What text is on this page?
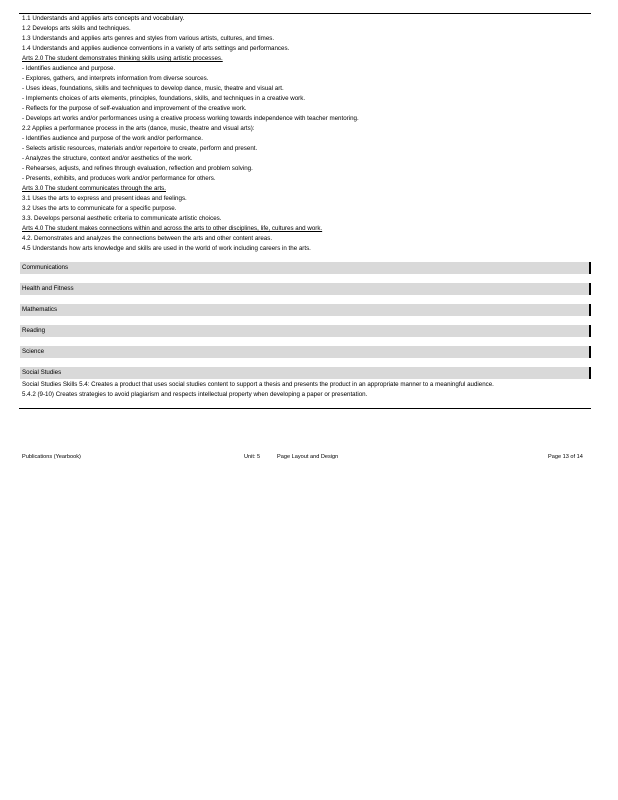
1.1 Understands and applies arts concepts and vocabulary.
1.2 Develops arts skills and techniques.
1.3 Understands and applies arts genres and styles from various artists, cultures, and times.
1.4 Understands and applies audience conventions in a variety of arts settings and performances.
Arts 2.0 The student demonstrates thinking skills using artistic processes.
- Identifies audience and purpose.
- Explores, gathers, and interprets information from diverse sources.
- Uses ideas, foundations, skills and techniques to develop dance, music, theatre and visual art.
- Implements choices of arts elements, principles, foundations, skills, and techniques in a creative work.
- Reflects for the purpose of self-evaluation and improvement of the creative work.
- Develops art works and/or performances using a creative process working towards independence with teacher mentoring.
2.2 Applies a performance process in the arts (dance, music, theatre and visual arts):
- Identifies audience and purpose of the work and/or performance.
- Selects artistic resources, materials and/or repertoire to create, perform and present.
- Analyzes the structure, context and/or aesthetics of the work.
- Rehearses, adjusts, and refines through evaluation, reflection and problem solving.
- Presents, exhibits, and produces work and/or performance for others.
Arts 3.0 The student communicates through the arts.
3.1 Uses the arts to express and present ideas and feelings.
3.2 Uses the arts to communicate for a specific purpose.
3.3. Develops personal aesthetic criteria to communicate artistic choices.
Arts 4.0 The student makes connections within and across the arts to other disciplines, life, cultures and work.
4.2. Demonstrates and analyzes the connections between the arts and other content areas.
4.5 Understands how arts knowledge and skills are used in the world of work including careers in the arts.
Communications
Health and Fitness
Mathematics
Reading
Science
Social Studies
Social Studies Skills 5.4: Creates a product that uses social studies content to support a thesis and presents the product in an appropriate manner to a meaningful audience.
5.4.2 (9-10) Creates strategies to avoid plagiarism and respects intellectual property when developing a paper or presentation.
Publications (Yearbook)	Unit: 5	Page Layout and Design	Page 13 of 14
